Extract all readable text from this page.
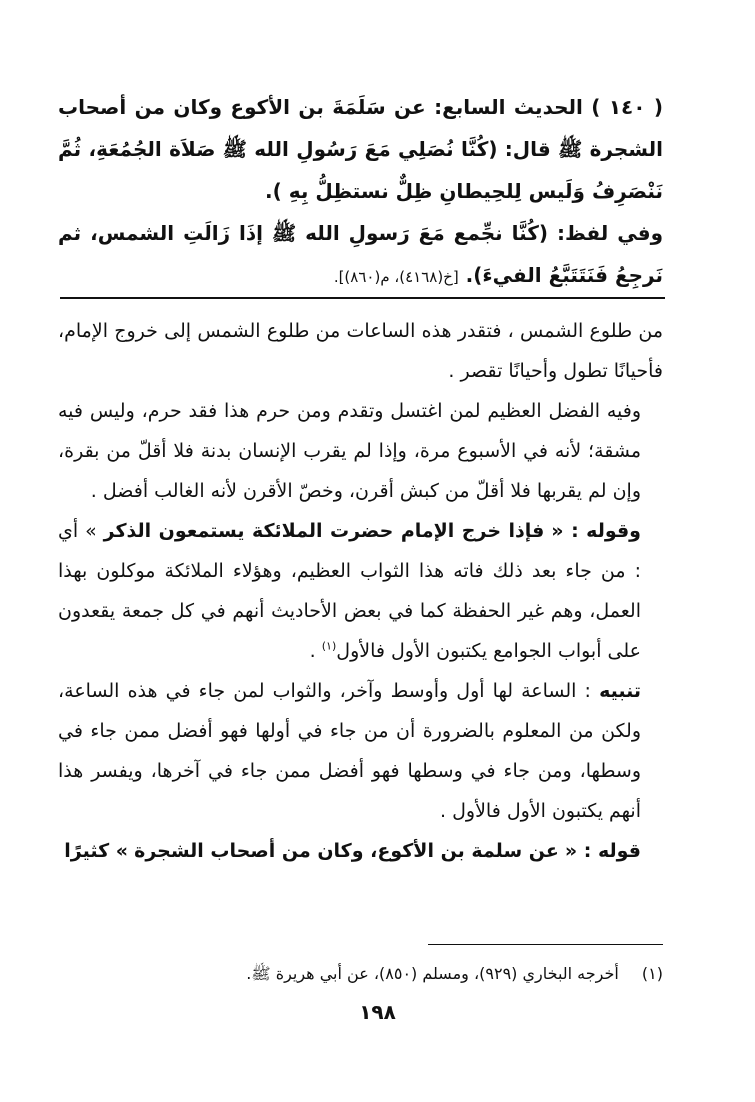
( ١٤٠ ) الحديث السابع: عن سَلَمَةَ بن الأكوع وكان من أصحاب الشجرة ﷺ قال: (كُنَّا نُصَلِي مَعَ رَسُولِ الله ﷺ صَلاَة الجُمُعَةِ، ثُمَّ نَنْصَرِفُ وَلَيس لِلحِيطانِ ظِلٌّ نستظِلُّ بِهِ ).

وفي لفظ: (كُنَّا نجِّمع مَعَ رَسولِ الله ﷺ إذَا زَالَتِ الشمس، ثم نَرجِعُ فَنَتَتَبَّعُ الفيءَ). [خ(٤١٦٨)، م(٨٦٠)].

من طلوع الشمس ، فتقدر هذه الساعات من طلوع الشمس إلى خروج الإمام، فأحيانًا تطول وأحيانًا تقصر .

وفيه الفضل العظيم لمن اغتسل وتقدم ومن حرم هذا فقد حرم، وليس فيه مشقة؛ لأنه في الأسبوع مرة، وإذا لم يقرب الإنسان بدنة فلا أقلّ من بقرة، وإن لم يقربها فلا أقلّ من كبش أقرن، وخصّ الأقرن لأنه الغالب أفضل .

وقوله : « فإذا خرج الإمام حضرت الملائكة يستمعون الذكر » أي : من جاء بعد ذلك فاته هذا الثواب العظيم، وهؤلاء الملائكة موكلون بهذا العمل، وهم غير الحفظة كما في بعض الأحاديث أنهم في كل جمعة يقعدون على أبواب الجوامع يكتبون الأول فالأول$^{(١)}$ .

تنبيه : الساعة لها أول وأوسط وآخر، والثواب لمن جاء في هذه الساعة، ولكن من المعلوم بالضرورة أن من جاء في أولها فهو أفضل ممن جاء في وسطها، ومن جاء في وسطها فهو أفضل ممن جاء في آخرها، ويفسر هذا أنهم يكتبون الأول فالأول .

قوله : « عن سلمة بن الأكوع، وكان من أصحاب الشجرة » كثيرًا

(١) أخرجه البخاري (٩٢٩)، ومسلم (٨٥٠)، عن أبي هريرة ﷺ.
١٩٨
